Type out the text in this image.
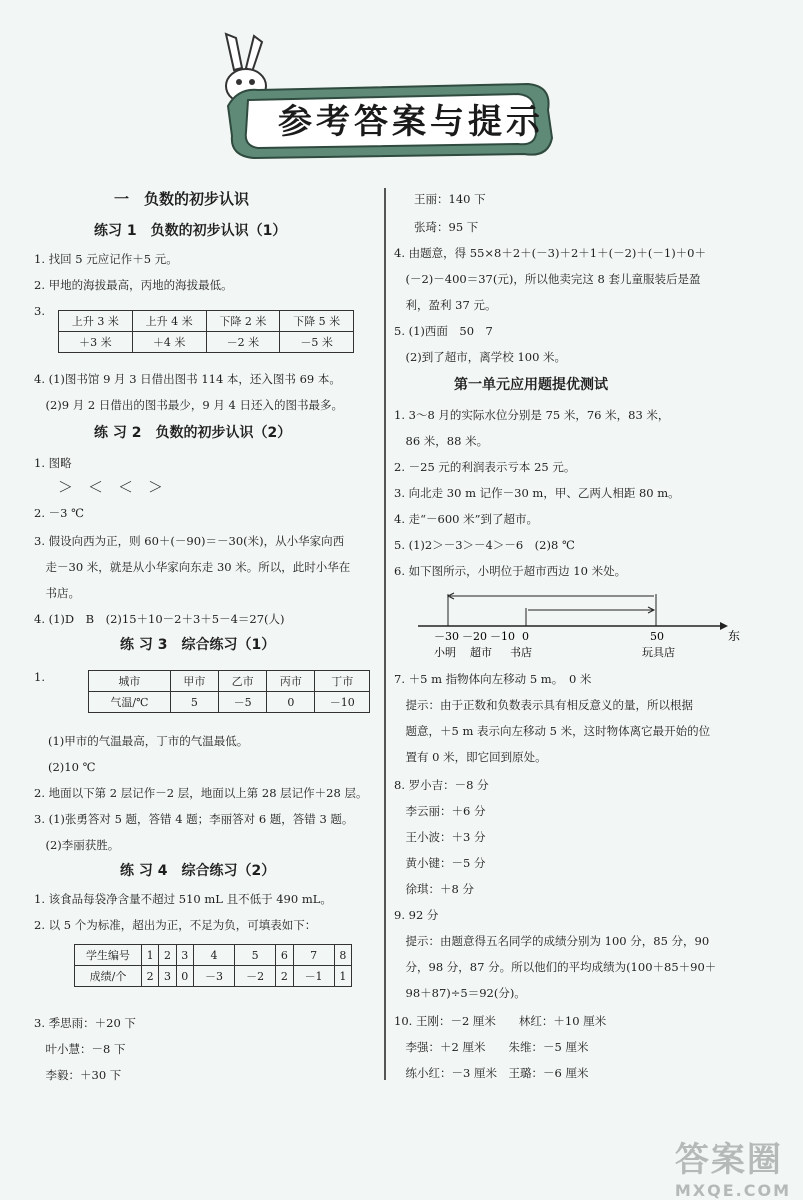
参考答案与提示
一　负数的初步认识
练习 1　负数的初步认识（1）
1. 找回 5 元应记作＋5 元。
2. 甲地的海拔最高，丙地的海拔最低。
3.
上升 3 米	上升 4 米	下降 2 米	下降 5 米
＋3 米	＋4 米	－2 米	－5 米
4. (1)图书馆 9 月 3 日借出图书 114 本，还入图书 69 本。
　(2)9 月 2 日借出的图书最少，9 月 4 日还入的图书最多。
练 习 2　负数的初步认识（2）
1. 图略
＞　＜　＜　＞
2. －3 ℃
3. 假设向西为正，则 60＋(－90)＝－30(米)，从小华家向西
　走－30 米，就是从小华家向东走 30 米。所以，此时小华在
　书店。
4. (1)D　B　(2)15＋10－2＋3＋5－4＝27(人)
练 习 3　综合练习（1）
1.	城市	甲市	乙市	丙市	丁市
气温/℃	5	－5	0	－10
(1)甲市的气温最高，丁市的气温最低。
(2)10 ℃
2. 地面以下第 2 层记作－2 层，地面以上第 28 层记作＋28 层。
3. (1)张勇答对 5 题，答错 4 题；李丽答对 6 题，答错 3 题。
　(2)李丽获胜。
练 习 4　综合练习（2）
1. 该食品每袋净含量不超过 510 mL 且不低于 490 mL。
2. 以 5 个为标准，超出为正，不足为负，可填表如下：
学生编号	1	2	3	4	5	6	7	8
成绩/个	2	3	0	－3	－2	2	－1	1
3. 季思雨：＋20 下
　叶小慧：－8 下
　李毅：＋30 下
王丽：140 下
张琦：95 下
4. 由题意，得 55×8＋2＋(－3)＋2＋1＋(－2)＋(－1)＋0＋
　(－2)－400＝37(元)，所以他卖完这 8 套儿童服装后是盈
　利，盈利 37 元。
5. (1)西面　50　7
　(2)到了超市，离学校 100 米。
第一单元应用题提优测试
1. 3～8 月的实际水位分别是 75 米，76 米，83 米，
　86 米，88 米。
2. －25 元的利润表示亏本 25 元。
3. 向北走 30 m 记作－30 m，甲、乙两人相距 80 m。
4. 走“－600 米”到了超市。
5. (1)2＞－3＞－4＞－6　(2)8 ℃
6. 如下图所示，小明位于超市西边 10 米处。
－30 －20 －10 0	50	东
小明 超市 书店	玩具店
7. ＋5 m 指物体向左移动 5 m。　0 米
　提示：由于正数和负数表示具有相反意义的量，所以根据
　题意，＋5 m 表示向左移动 5 米，这时物体离它最开始的位
　置有 0 米，即它回到原处。
8. 罗小吉：－8 分
　李云丽：＋6 分
　王小波：＋3 分
　黄小键：－5 分
　徐琪：＋8 分
9. 92 分
　提示：由题意得五名同学的成绩分别为 100 分，85 分，90
　分，98 分，87 分。所以他们的平均成绩为(100＋85＋90＋
　98＋87)÷5＝92(分)。
10. 王刚：－2 厘米　　林红：＋10 厘米
　李强：＋2 厘米　　朱维：－5 厘米
　练小红：－3 厘米　王璐：－6 厘米
答案圈
MXQE.COM
